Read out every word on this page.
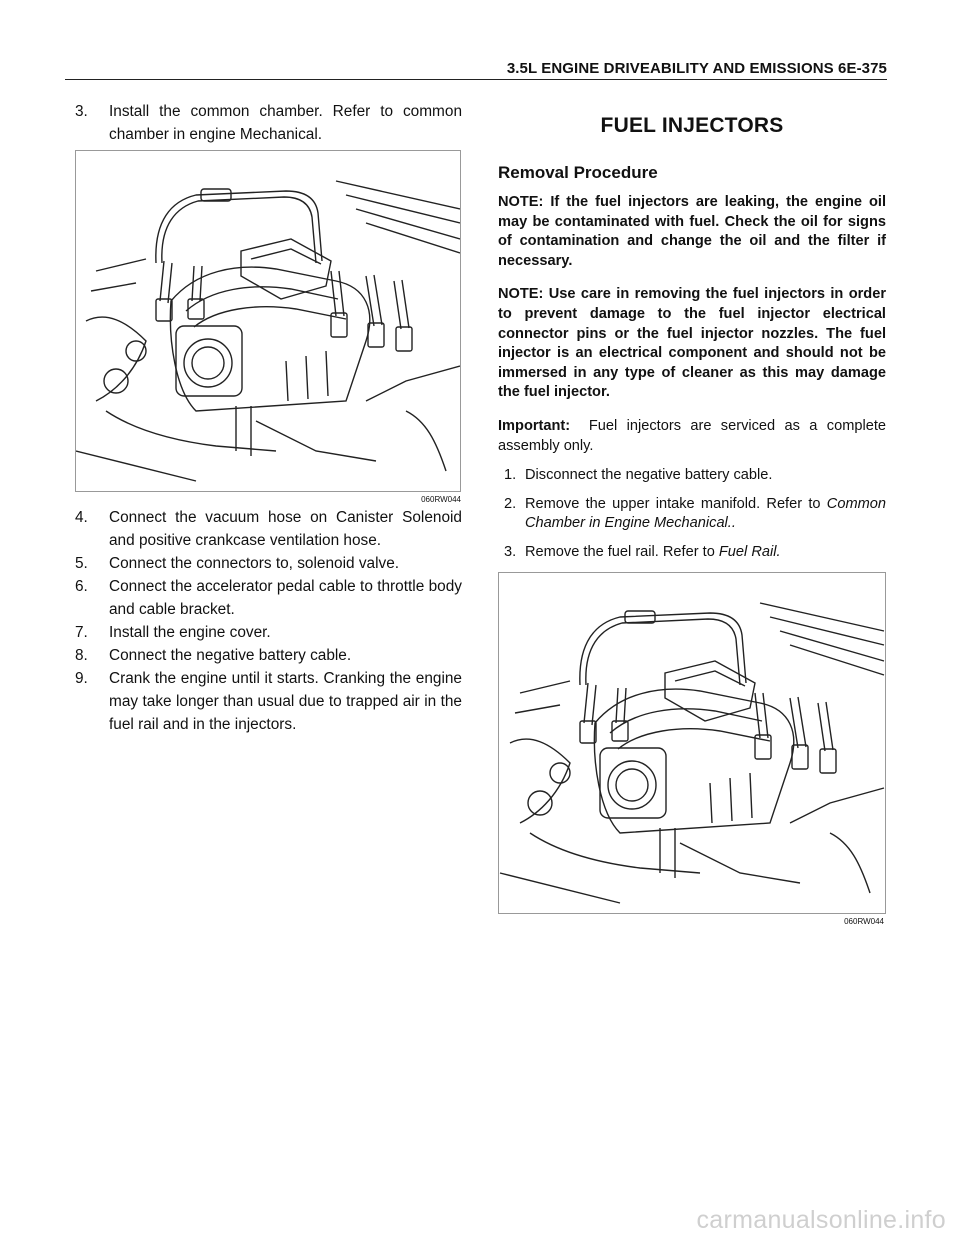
3.5L ENGINE DRIVEABILITY AND EMISSIONS 6E-375
3. Install the common chamber. Refer to common chamber in engine Mechanical.
060RW044
4. Connect the vacuum hose on Canister Solenoid and positive crankcase ventilation hose.
5. Connect the connectors to, solenoid valve.
6. Connect the accelerator pedal cable to throttle body and cable bracket.
7. Install the engine cover.
8. Connect the negative battery cable.
9. Crank the engine until it starts. Cranking the engine may take longer than usual due to trapped air in the fuel rail and in the injectors.
FUEL INJECTORS
Removal Procedure
NOTE: If the fuel injectors are leaking, the engine oil may be contaminated with fuel. Check the oil for signs of contamination and change the oil and the filter if necessary.
NOTE: Use care in removing the fuel injectors in order to prevent damage to the fuel injector electrical connector pins or the fuel injector nozzles. The fuel injector is an electrical component and should not be immersed in any type of cleaner as this may damage the fuel injector.
Important: Fuel injectors are serviced as a complete assembly only.
1. Disconnect the negative battery cable.
2. Remove the upper intake manifold. Refer to Common Chamber in Engine Mechanical..
3. Remove the fuel rail. Refer to Fuel Rail.
060RW044
carmanualsonline.info
